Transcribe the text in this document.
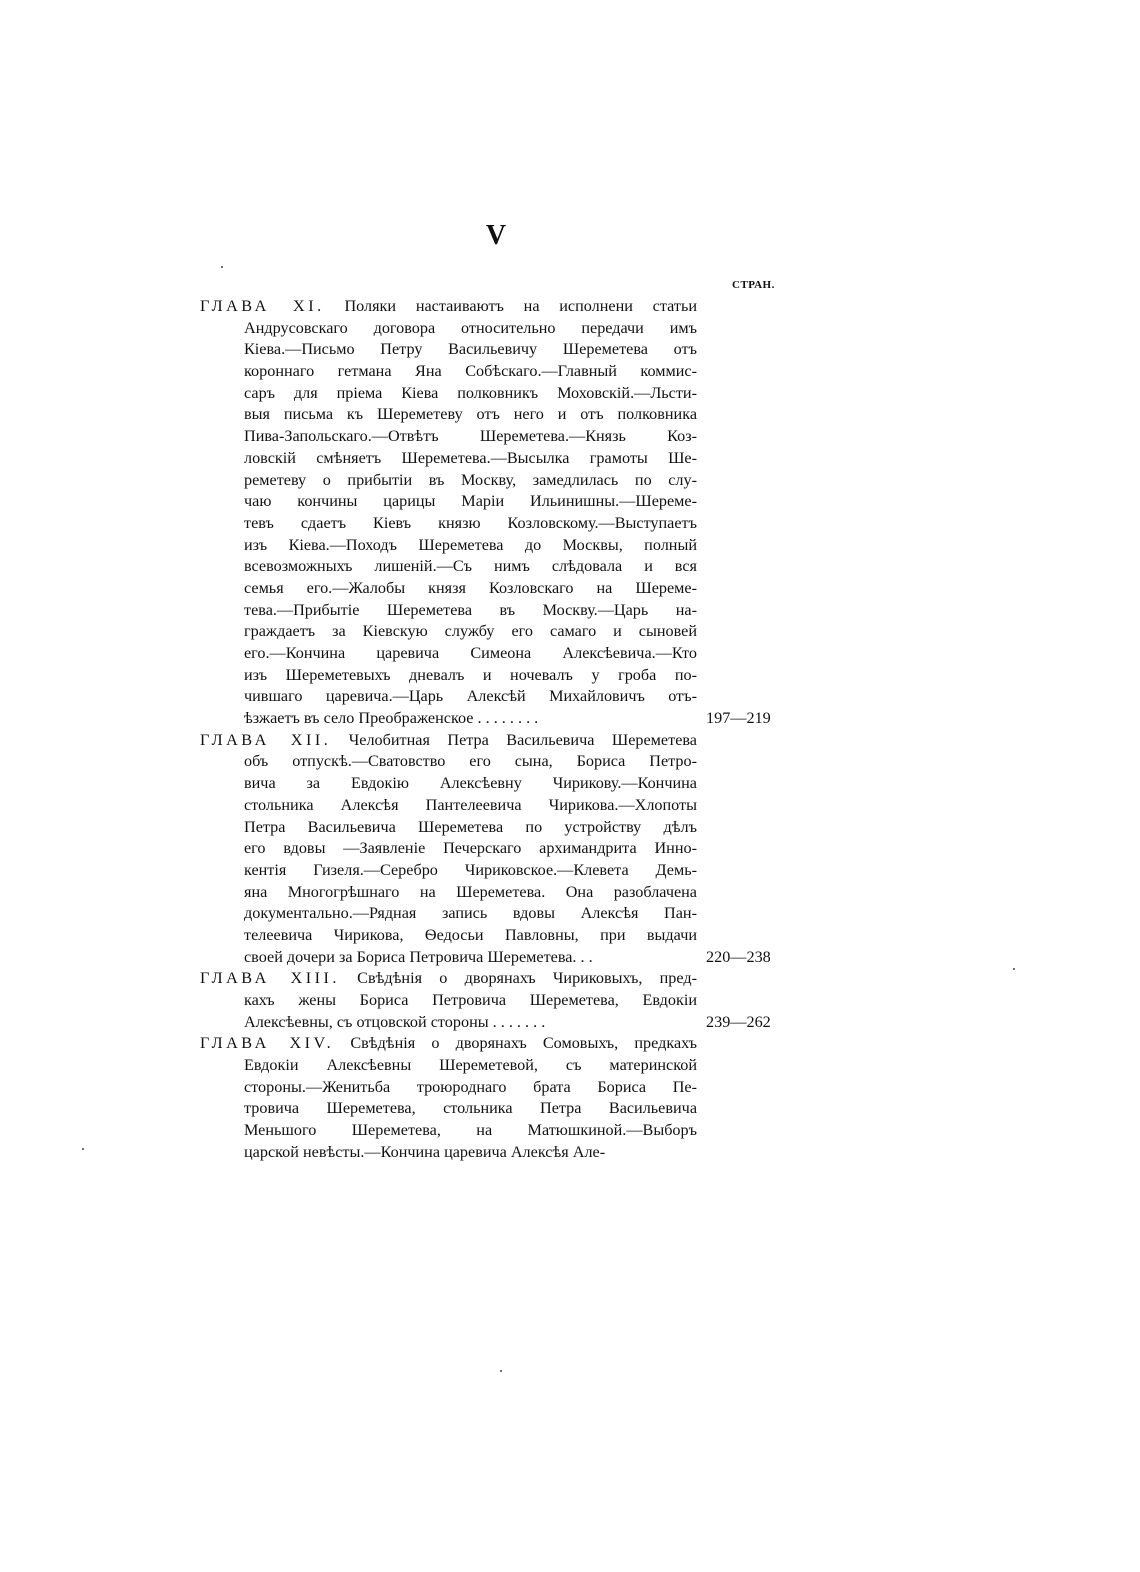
V
СТРАН.
ГЛАВА XI. Поляки настаиваютъ на исполнени статьи
Андрусовскаго договора относительно передачи имъ
Кіева.—Письмо Петру Васильевичу Шереметева отъ
короннаго гетмана Яна Собѣскаго.—Главный коммис-
саръ для пріема Кіева полковникъ Моховскій.—Льсти-
выя письма къ Шереметеву отъ него и отъ полковника
Пива-Запольскаго.—Отвѣтъ Шереметева.—Князь Коз-
ловскій смѣняетъ Шереметева.—Высылка грамоты Ше-
реметеву о прибытіи въ Москву, замедлилась по слу-
чаю кончины царицы Маріи Ильинишны.—Шереме-
тевъ сдаетъ Кіевъ князю Козловскому.—Выступаетъ
изъ Кіева.—Походъ Шереметева до Москвы, полный
всевозможныхъ лишеній.—Съ нимъ слѣдовала и вся
семья его.—Жалобы князя Козловскаго на Шереме-
тева.—Прибытіе Шереметева въ Москву.—Царь на-
граждаетъ за Кіевскую службу его самаго и сыновей
его.—Кончина царевича Симеона Алексѣевича.—Кто
изъ Шереметевыхъ дневалъ и ночевалъ у гроба по-
чившаго царевича.—Царь Алексѣй Михайловичъ отъ-
ѣзжаетъ въ село Преображенское . . . . . . . .	197—219
ГЛАВА XII. Челобитная Петра Васильевича Шереметева
объ отпускѣ.—Сватовство его сына, Бориса Петро-
вича за Евдокію Алексѣевну Чирикову.—Кончина
стольника Алексѣя Пантелеевича Чирикова.—Хлопоты
Петра Васильевича Шереметева по устройству дѣлъ
его вдовы —Заявленіе Печерскаго архимандрита Инно-
кентія Гизеля.—Серебро Чириковское.—Клевета Демь-
яна Многогрѣшнаго на Шереметева. Она разоблачена
документально.—Рядная запись вдовы Алексѣя Пан-
телеевича Чирикова, Ѳедосьи Павловны, при выдачи
своей дочери за Бориса Петровича Шереметева. . .	220—238
ГЛАВА XIII. Свѣдѣнія о дворянахъ Чириковыхъ, пред-
кахъ жены Бориса Петровича Шереметева, Евдокіи
Алексѣевны, съ отцовской стороны . . . . . . .	239—262
ГЛАВА XIV. Свѣдѣнія о дворянахъ Сомовыхъ, предкахъ
Евдокіи Алексѣевны Шереметевой, съ материнской
стороны.—Женитьба троюроднаго брата Бориса Пе-
тровича Шереметева, стольника Петра Васильевича
Меньшого Шереметева, на Матюшкиной.—Выборъ
царской невѣсты.—Кончина царевича Алексѣя Але-
